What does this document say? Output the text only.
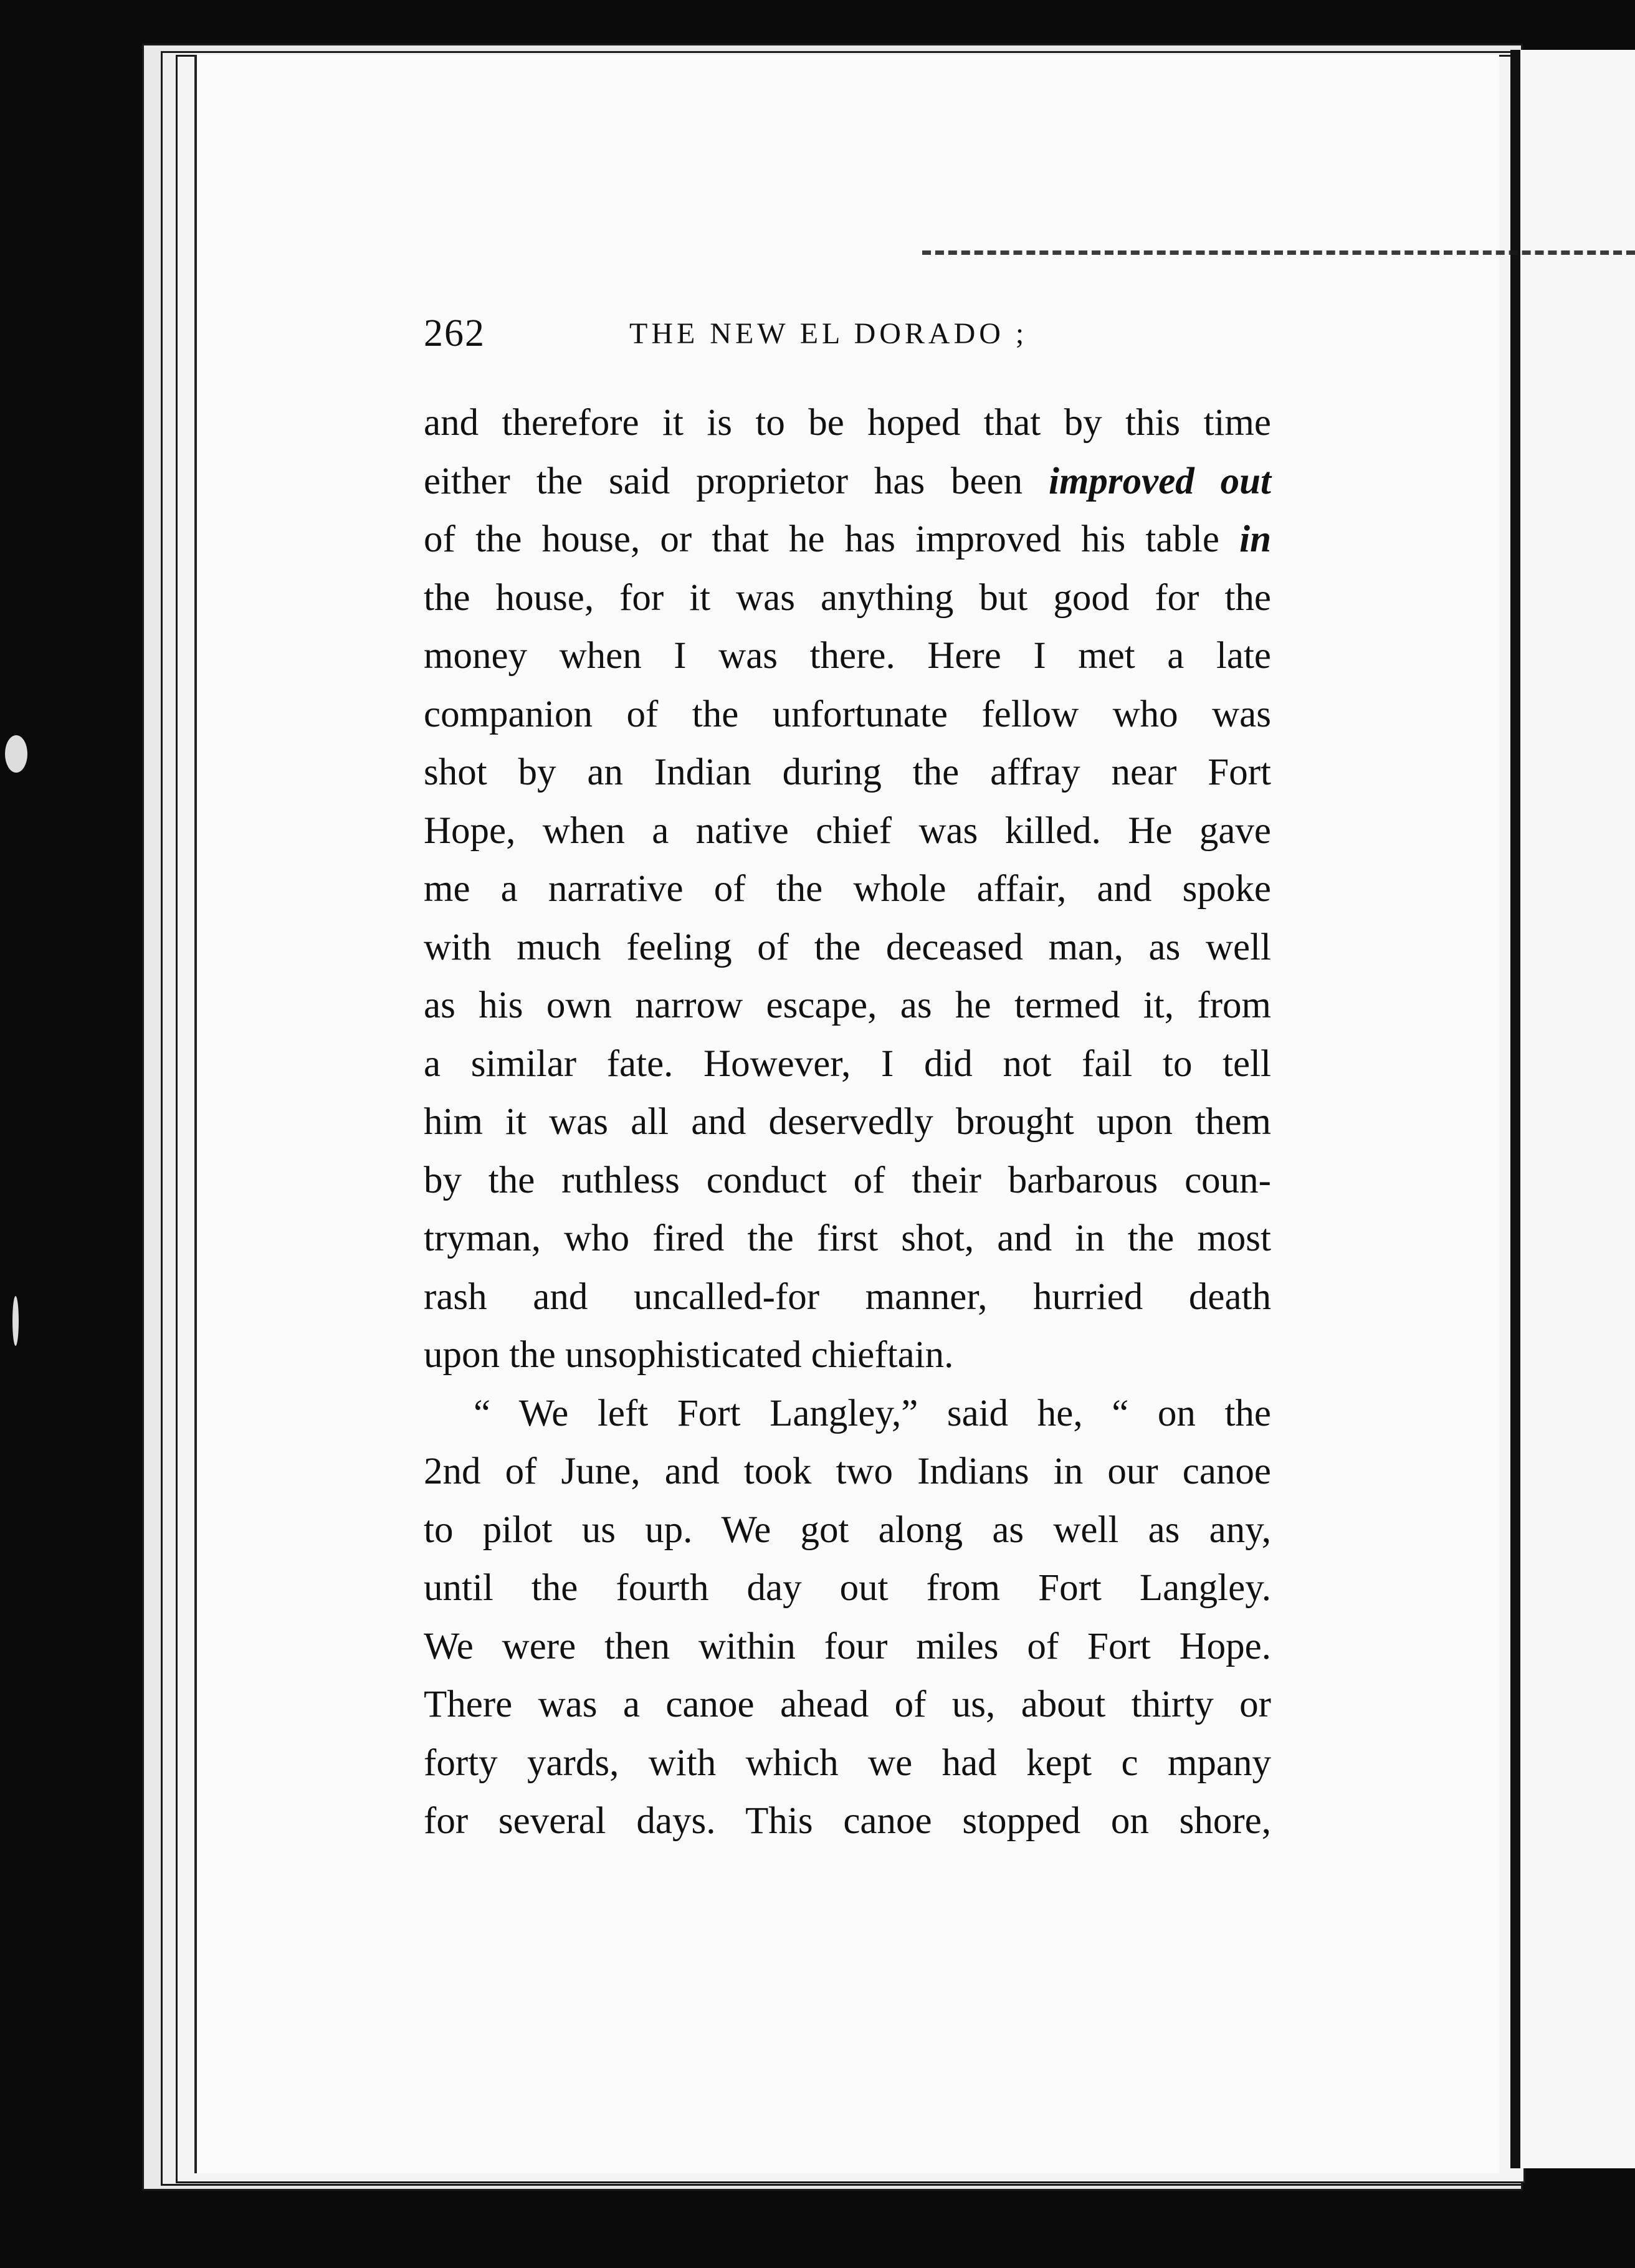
262	THE NEW EL DORADO ;
and therefore it is to be hoped that by this time
either the said proprietor has been improved out
of the house, or that he has improved his table in
the house, for it was anything but good for the
money when I was there. Here I met a late
companion of the unfortunate fellow who was
shot by an Indian during the affray near Fort
Hope, when a native chief was killed. He gave
me a narrative of the whole affair, and spoke
with much feeling of the deceased man, as well
as his own narrow escape, as he termed it, from
a similar fate. However, I did not fail to tell
him it was all and deservedly brought upon them
by the ruthless conduct of their barbarous coun-
tryman, who fired the first shot, and in the most
rash and uncalled-for manner, hurried death
upon the unsophisticated chieftain.
“ We left Fort Langley,” said he, “ on the
2nd of June, and took two Indians in our canoe
to pilot us up. We got along as well as any,
until the fourth day out from Fort Langley.
We were then within four miles of Fort Hope.
There was a canoe ahead of us, about thirty or
forty yards, with which we had kept c mpany
for several days. This canoe stopped on shore,
